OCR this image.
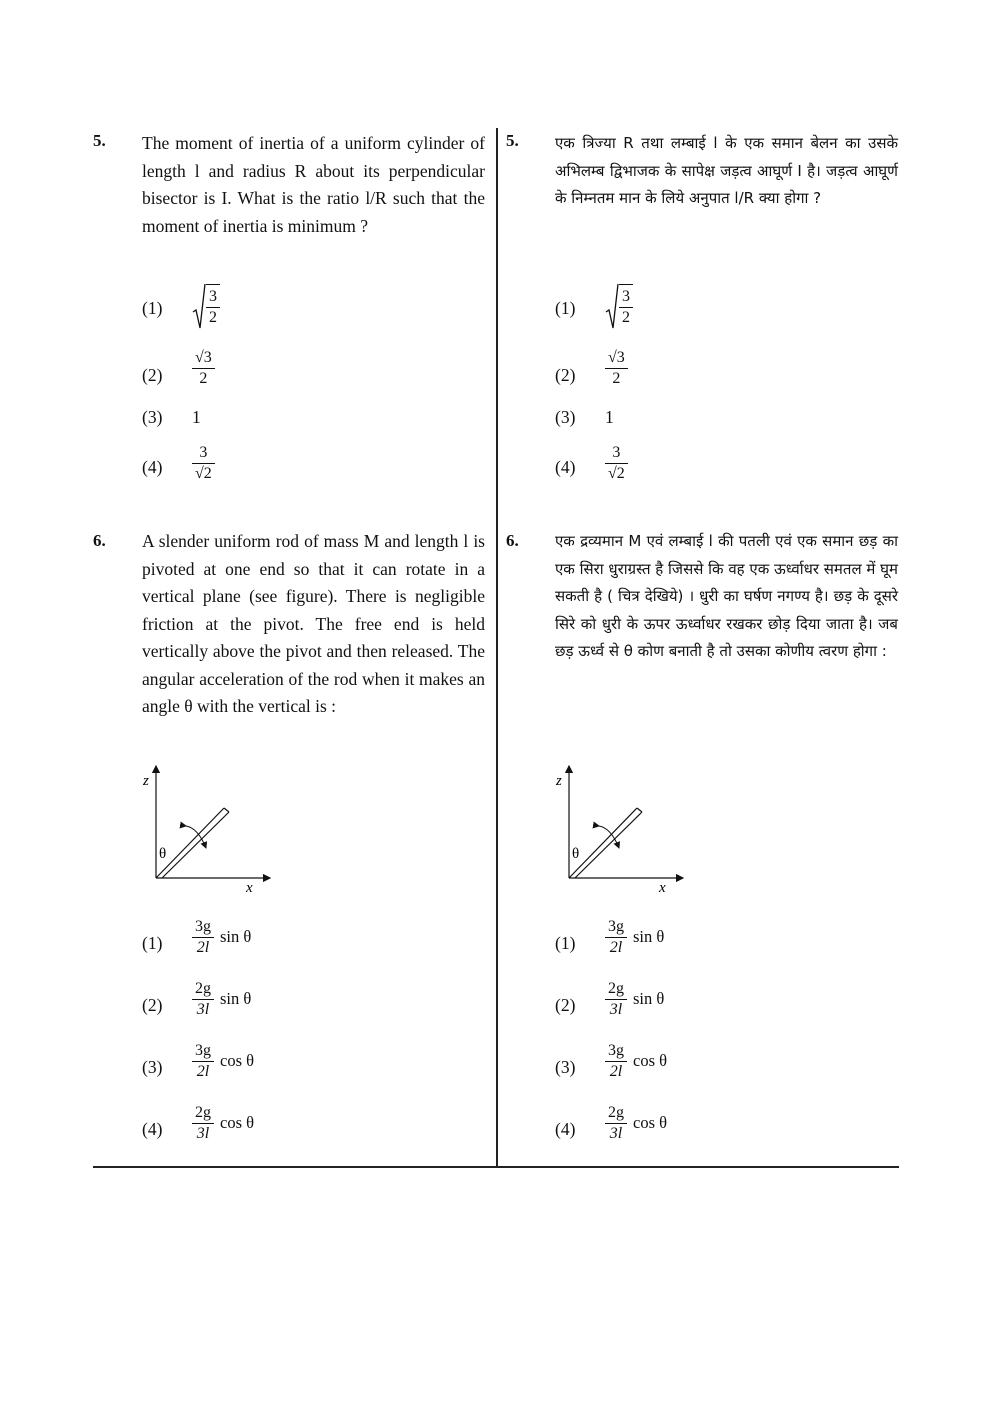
5. The moment of inertia of a uniform cylinder of length l and radius R about its perpendicular bisector is I. What is the ratio l/R such that the moment of inertia is minimum ?
(1)	$\frac{3}{2}$
$(2) \frac{√3}{2}$
(3) 1
$(4) \frac{3}{√2}$
6. A slender uniform rod of mass M and length l is pivoted at one end so that it can rotate in a vertical plane (see figure). There is negligible friction at the pivot. The free end is held vertically above the pivot and then released. The angular acceleration of the rod when it makes an angle θ with the vertical is :
z
x
θ
$(1) \frac{3g}{2l}$ sin θ
$(2) \frac{2g}{3l}$ sin θ
$(3) \frac{3g}{2l}$ cos θ
$(4) \frac{2g}{3l}$ cos θ
5. एक त्रिज्या R तथा लम्बाई l के एक समान बेलन का उसके अभिलम्ब द्विभाजक के सापेक्ष जड़त्व आघूर्ण I है। जड़त्व आघूर्ण के निम्नतम मान के लिये अनुपात l/R क्या होगा ?
(1)	$\frac{3}{2}$
$(2) \frac{√3}{2}$
(3) 1
$(4) \frac{3}{√2}$
6. एक द्रव्यमान M एवं लम्बाई l की पतली एवं एक समान छड़ का एक सिरा धुराग्रस्त है जिससे कि वह एक ऊर्ध्वाधर समतल में घूम सकती है ( चित्र देखिये) । धुरी का घर्षण नगण्य है। छड़ के दूसरे सिरे को धुरी के ऊपर ऊर्ध्वाधर रखकर छोड़ दिया जाता है। जब छड़ ऊर्ध्व से θ कोण बनाती है तो उसका कोणीय त्वरण होगा :
z
x
θ
$(1) \frac{3g}{2l}$ sin θ
$(2) \frac{2g}{3l}$ sin θ
$(3) \frac{3g}{2l}$ cos θ
$(4) \frac{2g}{3l}$ cos θ
